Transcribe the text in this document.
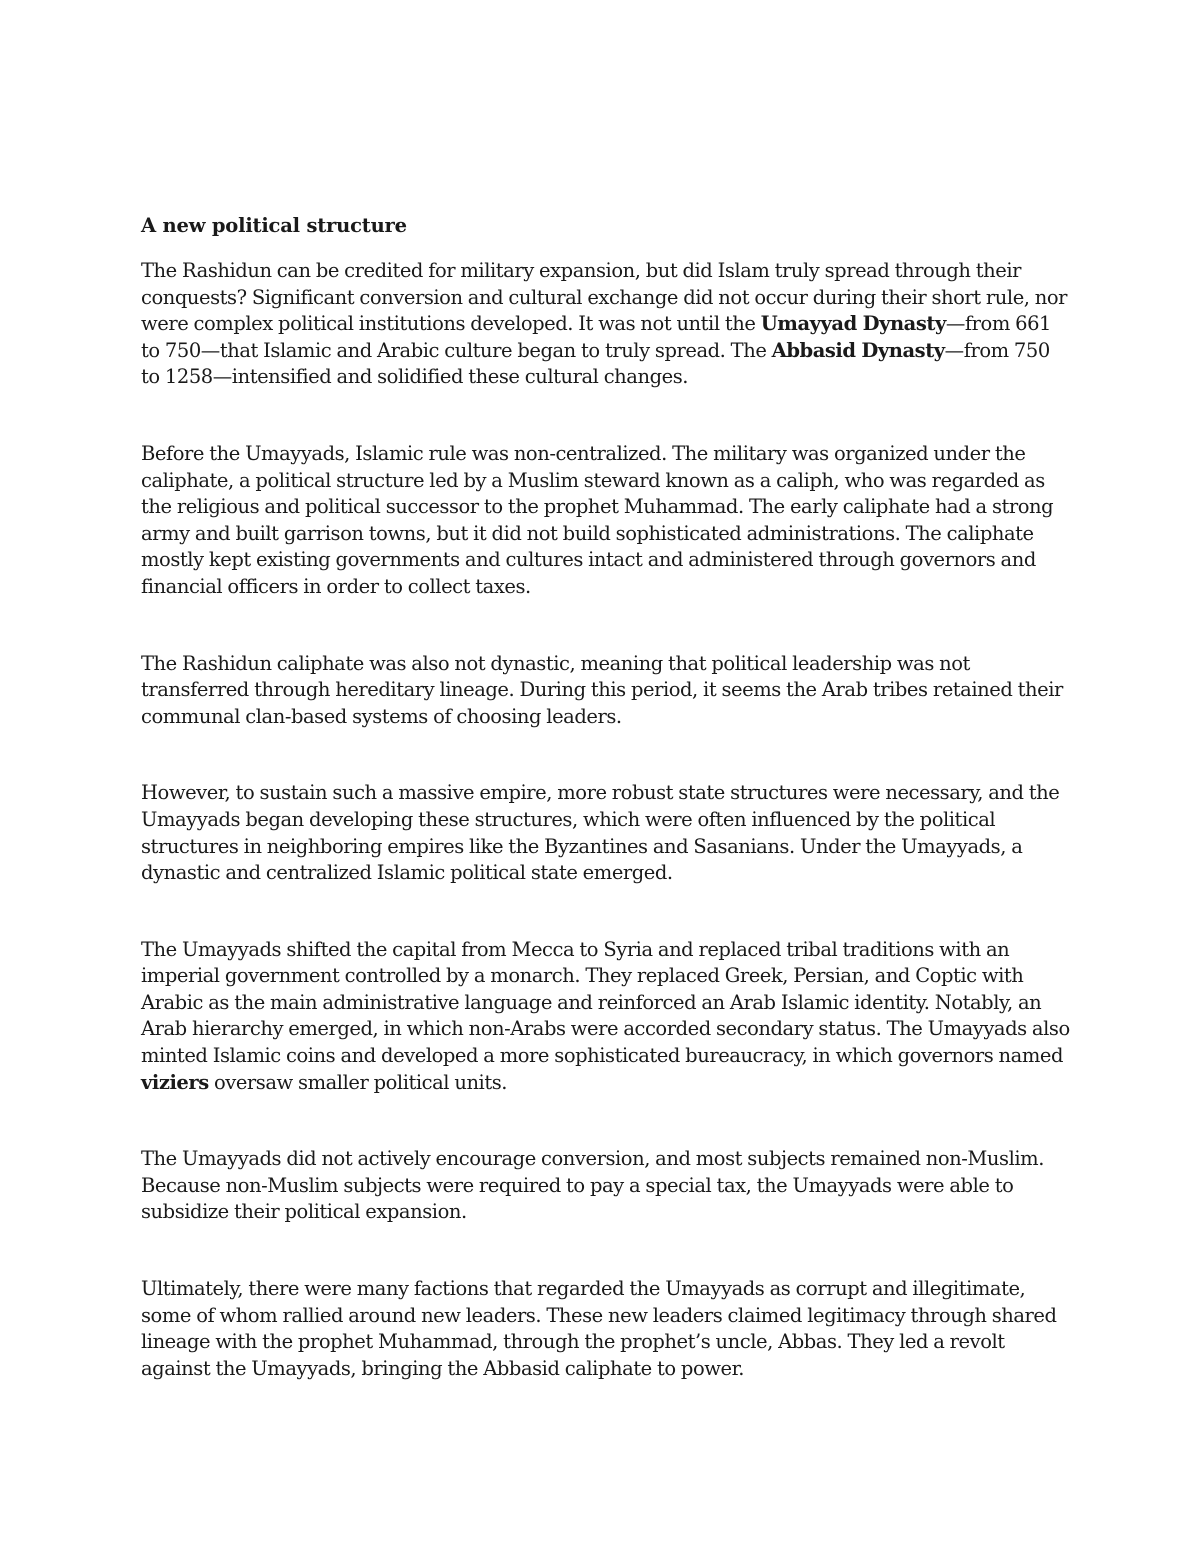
A new political structure

The Rashidun can be credited for military expansion, but did Islam truly spread through their conquests? Significant conversion and cultural exchange did not occur during their short rule, nor were complex political institutions developed. It was not until the Umayyad Dynasty—from 661 to 750—that Islamic and Arabic culture began to truly spread. The Abbasid Dynasty—from 750 to 1258—intensified and solidified these cultural changes.

Before the Umayyads, Islamic rule was non-centralized. The military was organized under the caliphate, a political structure led by a Muslim steward known as a caliph, who was regarded as the religious and political successor to the prophet Muhammad. The early caliphate had a strong army and built garrison towns, but it did not build sophisticated administrations. The caliphate mostly kept existing governments and cultures intact and administered through governors and financial officers in order to collect taxes.

The Rashidun caliphate was also not dynastic, meaning that political leadership was not transferred through hereditary lineage. During this period, it seems the Arab tribes retained their communal clan-based systems of choosing leaders.

However, to sustain such a massive empire, more robust state structures were necessary, and the Umayyads began developing these structures, which were often influenced by the political structures in neighboring empires like the Byzantines and Sasanians. Under the Umayyads, a dynastic and centralized Islamic political state emerged.

The Umayyads shifted the capital from Mecca to Syria and replaced tribal traditions with an imperial government controlled by a monarch. They replaced Greek, Persian, and Coptic with Arabic as the main administrative language and reinforced an Arab Islamic identity. Notably, an Arab hierarchy emerged, in which non-Arabs were accorded secondary status. The Umayyads also minted Islamic coins and developed a more sophisticated bureaucracy, in which governors named viziers oversaw smaller political units.

The Umayyads did not actively encourage conversion, and most subjects remained non-Muslim. Because non-Muslim subjects were required to pay a special tax, the Umayyads were able to subsidize their political expansion.

Ultimately, there were many factions that regarded the Umayyads as corrupt and illegitimate, some of whom rallied around new leaders. These new leaders claimed legitimacy through shared lineage with the prophet Muhammad, through the prophet’s uncle, Abbas. They led a revolt against the Umayyads, bringing the Abbasid caliphate to power.
